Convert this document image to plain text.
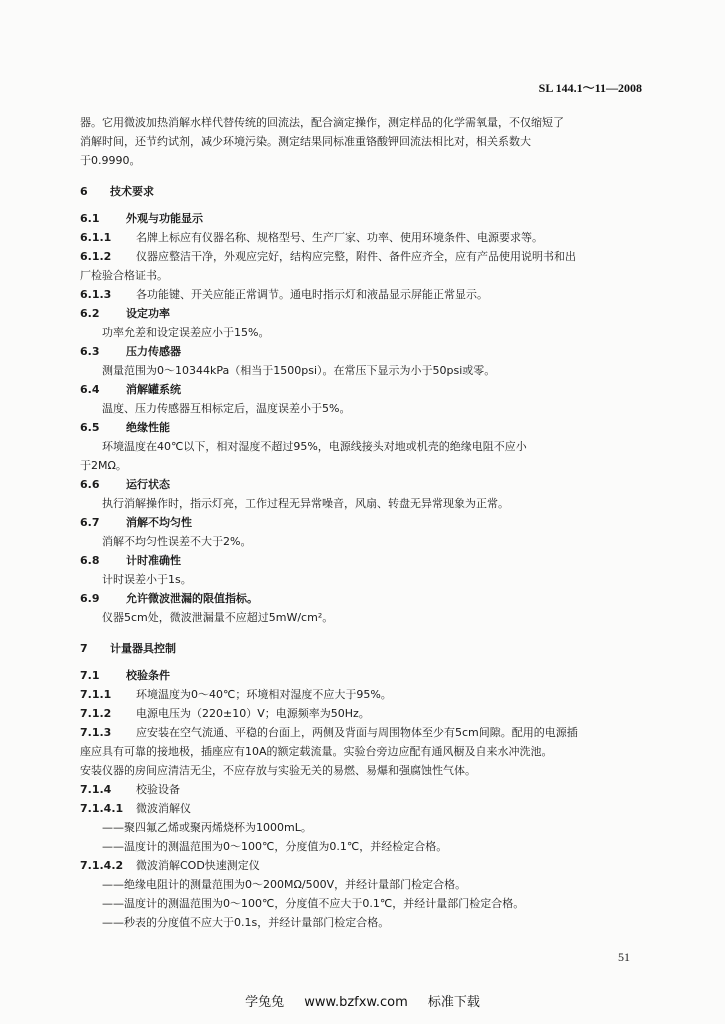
SL 144.1～11—2008
器。它用微波加热消解水样代替传统的回流法，配合滴定操作，测定样品的化学需氧量，不仅缩短了
消解时间，还节约试剂，减少环境污染。测定结果同标准重铬酸钾回流法相比对，相关系数大
于0.9990。
6 技术要求
6.1 外观与功能显示
6.1.1 名牌上标应有仪器名称、规格型号、生产厂家、功率、使用环境条件、电源要求等。
6.1.2 仪器应整洁干净，外观应完好，结构应完整，附件、备件应齐全，应有产品使用说明书和出
厂检验合格证书。
6.1.3 各功能键、开关应能正常调节。通电时指示灯和液晶显示屏能正常显示。
6.2 设定功率
功率允差和设定误差应小于15%。
6.3 压力传感器
测量范围为0～10344kPa（相当于1500psi）。在常压下显示为小于50psi或零。
6.4 消解罐系统
温度、压力传感器互相标定后，温度误差小于5%。
6.5 绝缘性能
环境温度在40℃以下，相对湿度不超过95%，电源线接头对地或机壳的绝缘电阻不应小
于2MΩ。
6.6 运行状态
执行消解操作时，指示灯亮，工作过程无异常噪音，风扇、转盘无异常现象为正常。
6.7 消解不均匀性
消解不均匀性误差不大于2%。
6.8 计时准确性
计时误差小于1s。
6.9 允许微波泄漏的限值指标。
仪器5cm处，微波泄漏量不应超过5mW/cm²。
7 计量器具控制
7.1 校验条件
7.1.1 环境温度为0～40℃；环境相对湿度不应大于95%。
7.1.2 电源电压为（220±10）V；电源频率为50Hz。
7.1.3 应安装在空气流通、平稳的台面上，两侧及背面与周围物体至少有5cm间隙。配用的电源插
座应具有可靠的接地极，插座应有10A的额定载流量。实验台旁边应配有通风橱及自来水冲洗池。
安装仪器的房间应清洁无尘，不应存放与实验无关的易燃、易爆和强腐蚀性气体。
7.1.4 校验设备
7.1.4.1 微波消解仪
——聚四氟乙烯或聚丙烯烧杯为1000mL。
——温度计的测温范围为0～100℃，分度值为0.1℃，并经检定合格。
7.1.4.2 微波消解COD快速测定仪
——绝缘电阻计的测量范围为0～200MΩ/500V，并经计量部门检定合格。
——温度计的测温范围为0～100℃，分度值不应大于0.1℃，并经计量部门检定合格。
——秒表的分度值不应大于0.1s，并经计量部门检定合格。
51
学兔兔 www.bzfxw.com 标准下载
